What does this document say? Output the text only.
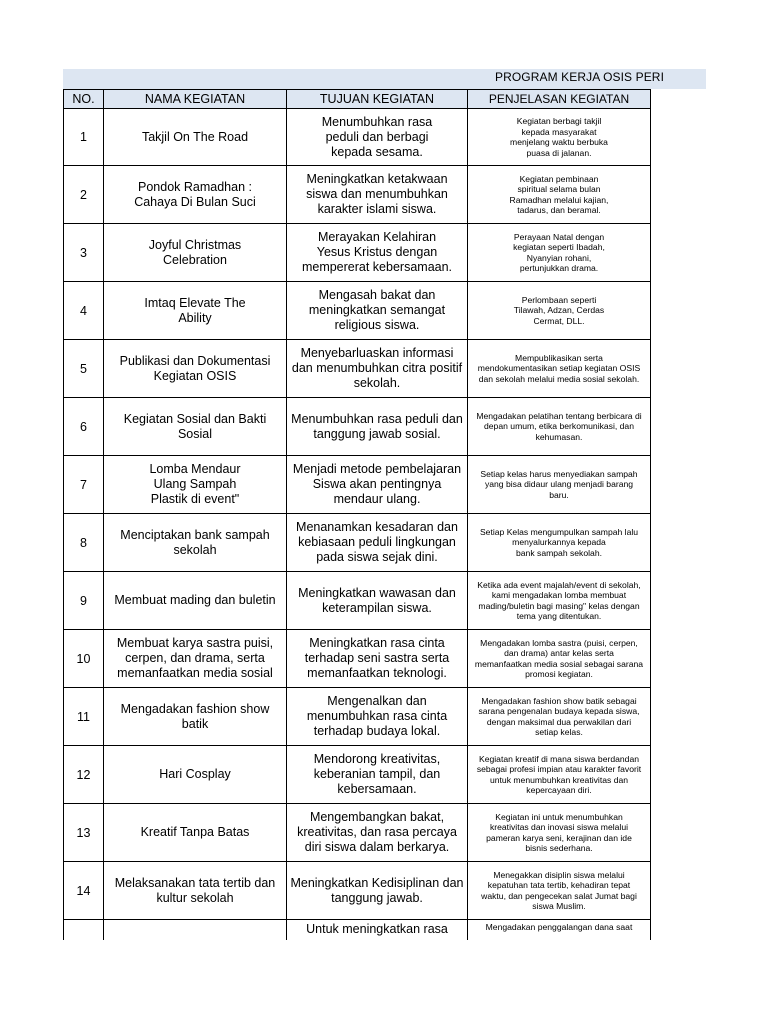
PROGRAM KERJA OSIS PERI
NO.	NAMA KEGIATAN	TUJUAN KEGIATAN	PENJELASAN KEGIATAN

1	Takjil On The Road	Menumbuhkan rasa
peduli dan berbagi
kepada sesama.	Kegiatan berbagi takjil
kepada masyarakat
menjelang waktu berbuka
puasa di jalanan.

2	Pondok Ramadhan :
Cahaya Di Bulan Suci	Meningkatkan ketakwaan
siswa dan menumbuhkan
karakter islami siswa.	Kegiatan pembinaan
spiritual selama bulan
Ramadhan melalui kajian,
tadarus, dan beramal.

3	Joyful Christmas
Celebration	Merayakan Kelahiran
Yesus Kristus dengan
mempererat kebersamaan.	Perayaan Natal dengan
kegiatan seperti Ibadah,
Nyanyian rohani,
pertunjukkan drama.

4	Imtaq Elevate The
Ability	Mengasah bakat dan
meningkatkan semangat
religious siswa.	Perlombaan seperti
Tilawah, Adzan, Cerdas
Cermat, DLL.

5	Publikasi dan Dokumentasi
Kegiatan OSIS	Menyebarluaskan informasi
dan menumbuhkan citra positif
sekolah.	Mempublikasikan serta
mendokumentasikan setiap kegiatan OSIS
dan sekolah melalui media sosial sekolah.

6	Kegiatan Sosial dan Bakti Sosial	Menumbuhkan rasa peduli dan
tanggung jawab sosial.	Mengadakan pelatihan tentang berbicara di
depan umum, etika berkomunikasi, dan
kehumasan.

7	Lomba Mendaur
Ulang Sampah
Plastik di event"	Menjadi metode pembelajaran
Siswa akan pentingnya
mendaur ulang.	Setiap kelas harus menyediakan sampah
yang bisa didaur ulang menjadi barang
baru.

8	Menciptakan bank sampah
sekolah	Menanamkan kesadaran dan
kebiasaan peduli lingkungan
pada siswa sejak dini.	Setiap Kelas mengumpulkan sampah lalu
menyalurkannya kepada
bank sampah sekolah.

9	Membuat mading dan buletin	Meningkatkan wawasan dan
keterampilan siswa.	Ketika ada event majalah/event di sekolah,
kami mengadakan lomba membuat
mading/buletin bagi masing" kelas dengan
tema yang ditentukan.

10	Membuat karya sastra puisi,
cerpen, dan drama, serta
memanfaatkan media sosial	Meningkatkan rasa cinta
terhadap seni sastra serta
memanfaatkan teknologi.	Mengadakan lomba sastra (puisi, cerpen,
dan drama) antar kelas serta
memanfaatkan media sosial sebagai sarana
promosi kegiatan.

11	Mengadakan fashion show
batik	Mengenalkan dan
menumbuhkan rasa cinta
terhadap budaya lokal.	Mengadakan fashion show batik sebagai
sarana pengenalan budaya kepada siswa,
dengan maksimal dua perwakilan dari
setiap kelas.

12	Hari Cosplay	Mendorong kreativitas,
keberanian tampil, dan
kebersamaan.	Kegiatan kreatif di mana siswa berdandan
sebagai profesi impian atau karakter favorit
untuk menumbuhkan kreativitas dan
kepercayaan diri.

13	Kreatif Tanpa Batas	Mengembangkan bakat,
kreativitas, dan rasa percaya
diri siswa dalam berkarya.	Kegiatan ini untuk menumbuhkan
kreativitas dan inovasi siswa melalui
pameran karya seni, kerajinan dan ide
bisnis sederhana.

14	Melaksanakan tata tertib dan
kultur sekolah	Meningkatkan Kedisiplinan dan
tanggung jawab.	Menegakkan disiplin siswa melalui
kepatuhan tata tertib, kehadiran tepat
waktu, dan pengecekan salat Jumat bagi
siswa Muslim.

		Untuk meningkatkan rasa	Mengadakan penggalangan dana saat
